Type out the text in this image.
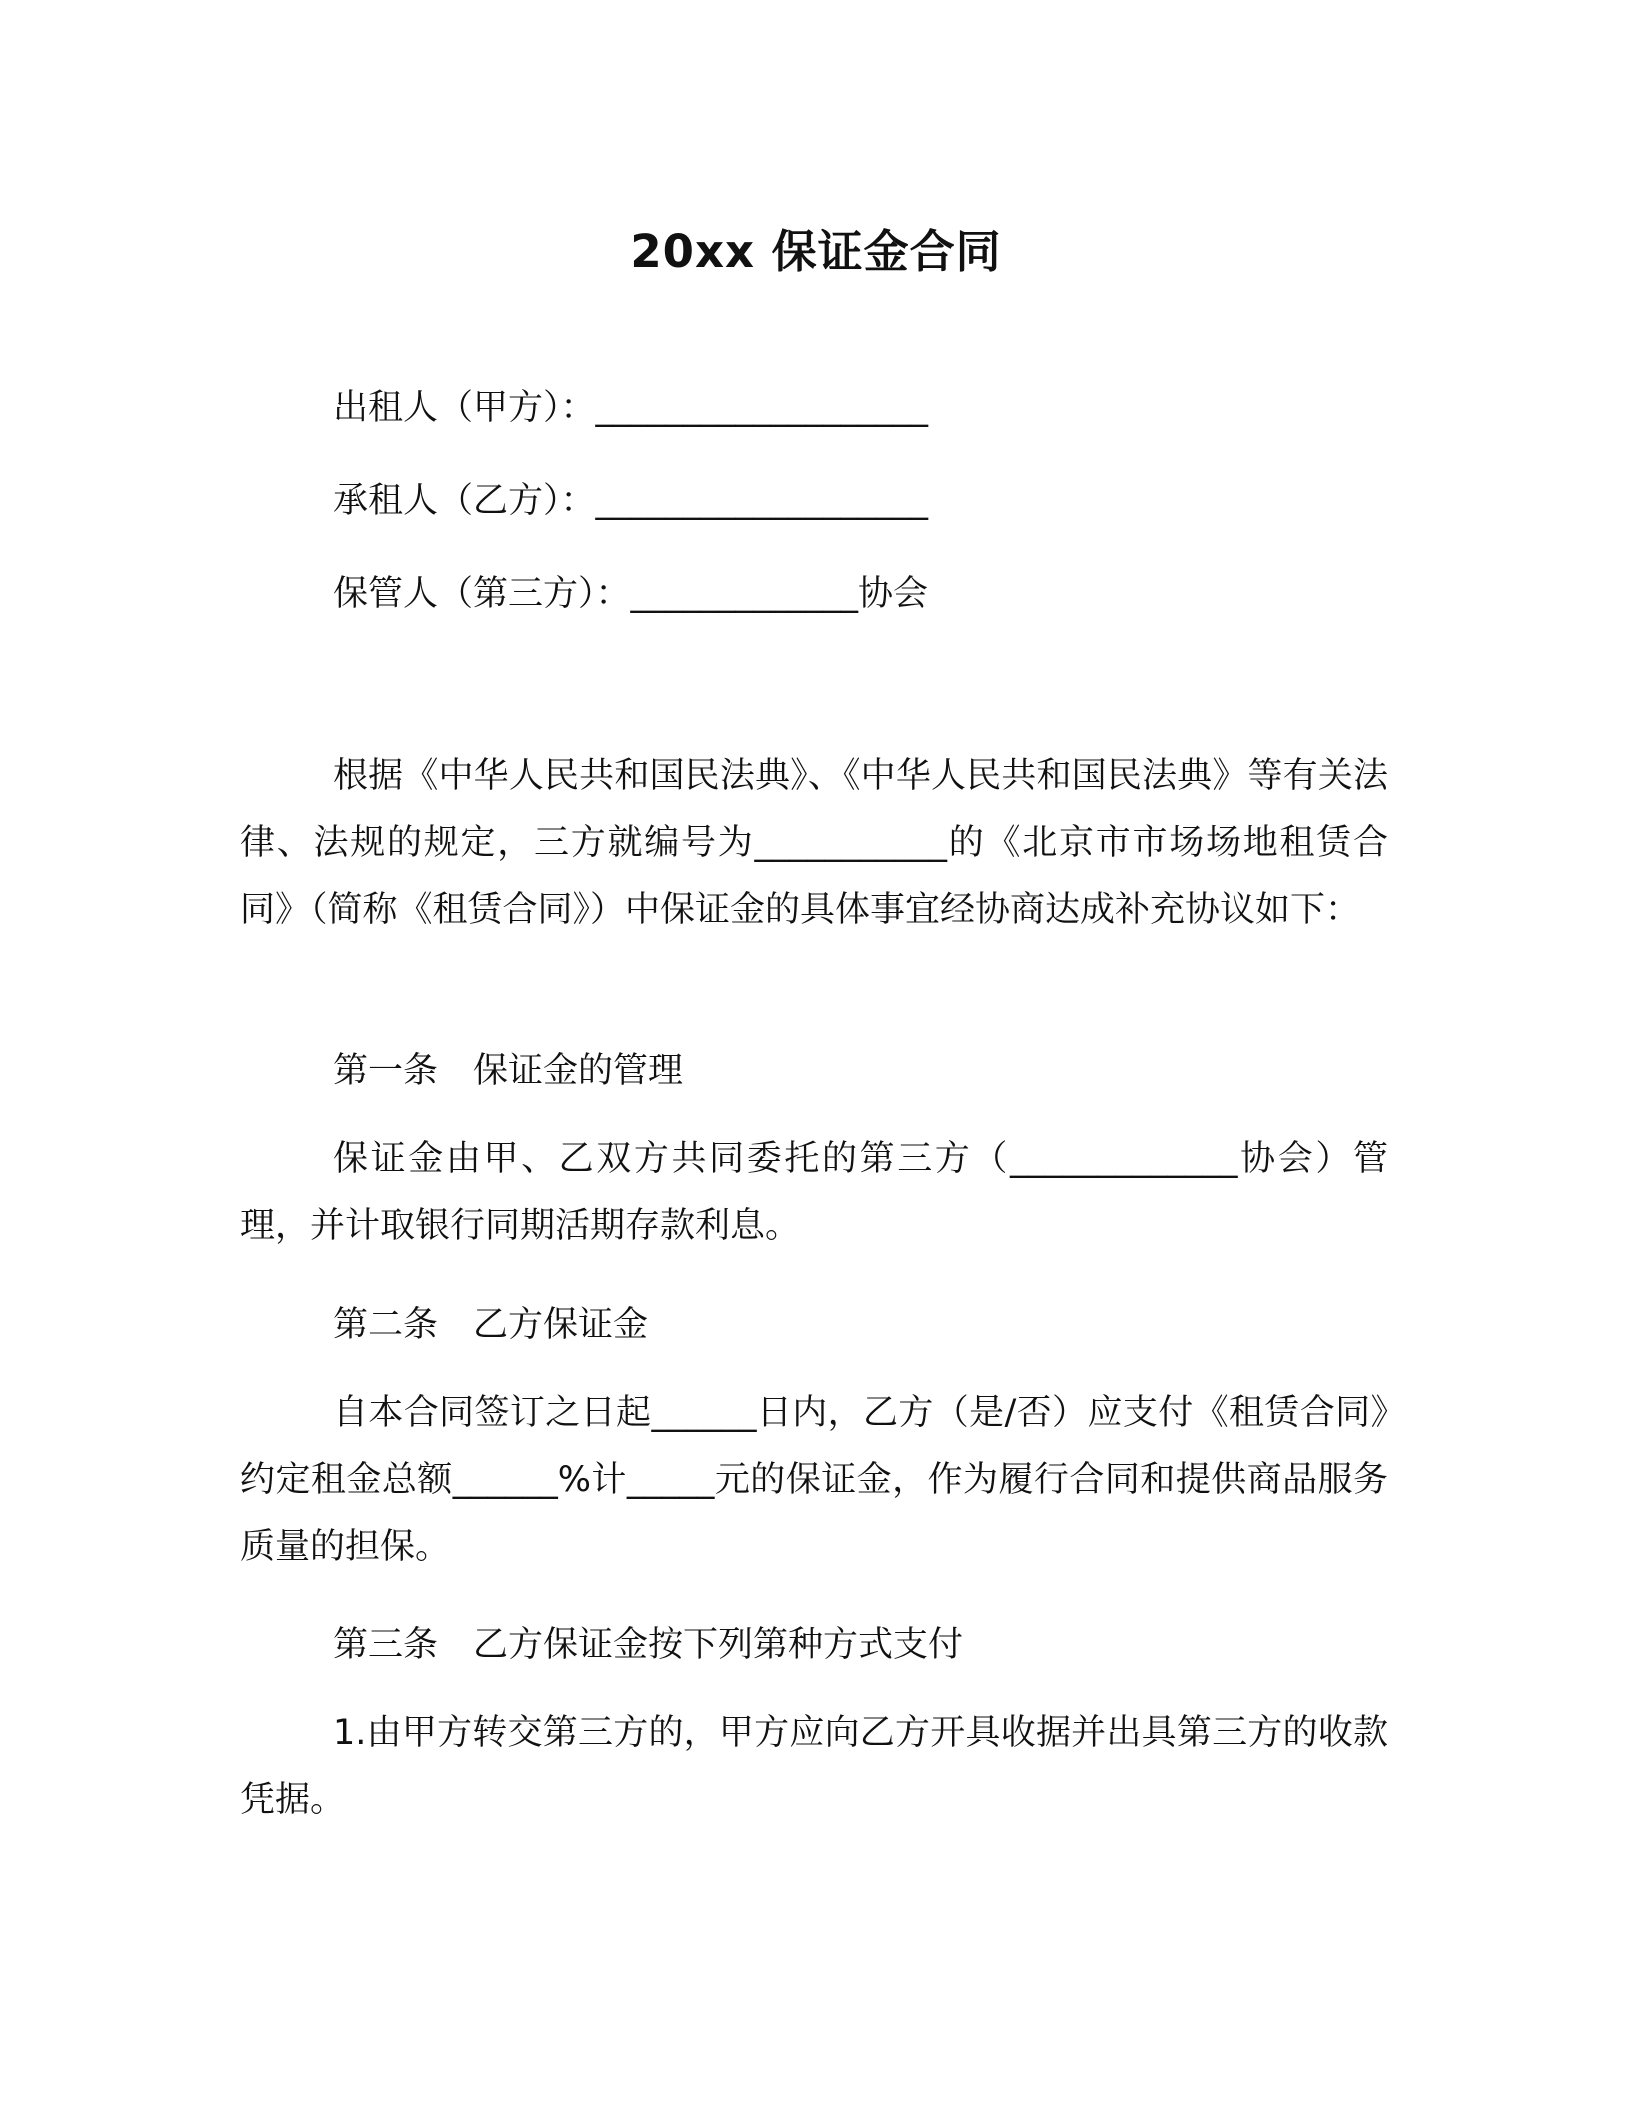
20xx 保证金合同
出租人（甲方）：___________________
承租人（乙方）：___________________
保管人（第三方）：_____________协会

根据《中华人民共和国民法典》、《中华人民共和国民法典》等有关法律、法规的规定，三方就编号为___________的《北京市市场场地租赁合同》（简称《租赁合同》）中保证金的具体事宜经协商达成补充协议如下：

第一条　保证金的管理

保证金由甲、乙双方共同委托的第三方（_____________协会）管理，并计取银行同期活期存款利息。

第二条　乙方保证金

自本合同签订之日起______日内，乙方（是/否）应支付《租赁合同》约定租金总额______%计_____元的保证金，作为履行合同和提供商品服务质量的担保。

第三条　乙方保证金按下列第种方式支付

1.由甲方转交第三方的，甲方应向乙方开具收据并出具第三方的收款凭据。
